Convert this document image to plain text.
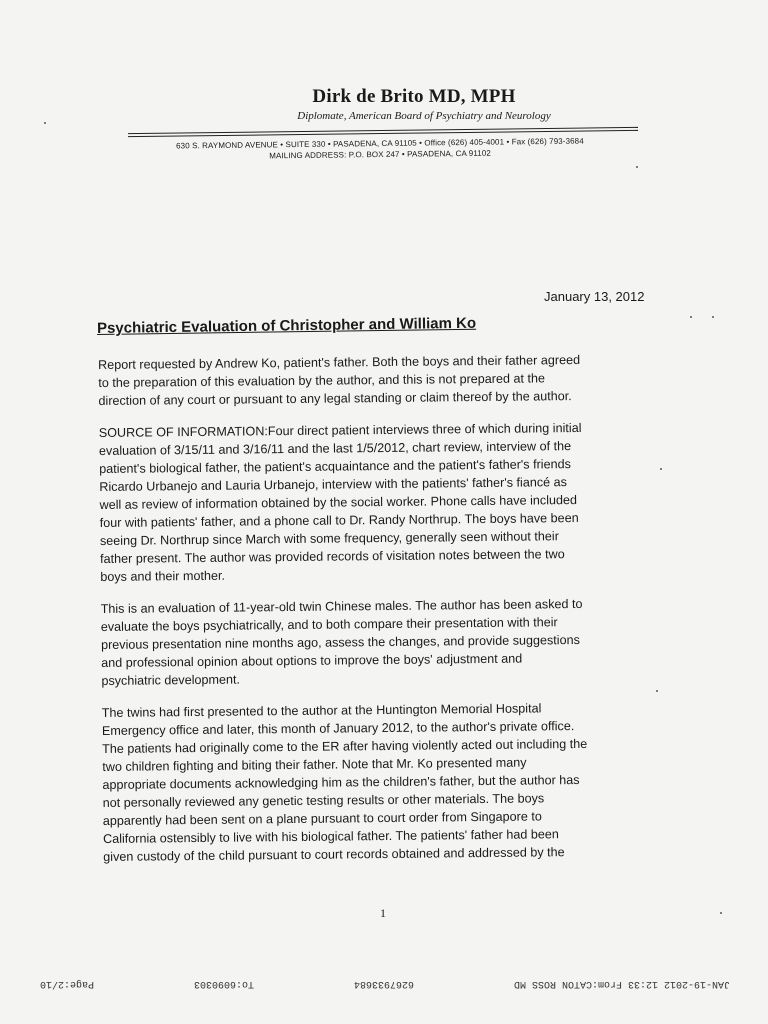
Dirk de Brito MD, MPH
Diplomate, American Board of Psychiatry and Neurology
630 S. RAYMOND AVENUE • SUITE 330 • PASADENA, CA 91105 • Office (626) 405-4001 • Fax (626) 793-3684
MAILING ADDRESS: P.O. BOX 247 • PASADENA, CA 91102
January 13, 2012
Psychiatric Evaluation of Christopher and William Ko

Report requested by Andrew Ko, patient's father. Both the boys and their father agreed
to the preparation of this evaluation by the author, and this is not prepared at the
direction of any court or pursuant to any legal standing or claim thereof by the author.

SOURCE OF INFORMATION:Four direct patient interviews three of which during initial
evaluation of 3/15/11 and 3/16/11 and the last 1/5/2012, chart review, interview of the
patient's biological father, the patient's acquaintance and the patient's father's friends
Ricardo Urbanejo and Lauria Urbanejo, interview with the patients' father's fiancé as
well as review of information obtained by the social worker. Phone calls have included
four with patients' father, and a phone call to Dr. Randy Northrup. The boys have been
seeing Dr. Northrup since March with some frequency, generally seen without their
father present. The author was provided records of visitation notes between the two
boys and their mother.

This is an evaluation of 11-year-old twin Chinese males. The author has been asked to
evaluate the boys psychiatrically, and to both compare their presentation with their
previous presentation nine months ago, assess the changes, and provide suggestions
and professional opinion about options to improve the boys' adjustment and
psychiatric development.

The twins had first presented to the author at the Huntington Memorial Hospital
Emergency office and later, this month of January 2012, to the author's private office.
The patients had originally come to the ER after having violently acted out including the
two children fighting and biting their father. Note that Mr. Ko presented many
appropriate documents acknowledging him as the children's father, but the author has
not personally reviewed any genetic testing results or other materials. The boys
apparently had been sent on a plane pursuant to court order from Singapore to
California ostensibly to live with his biological father. The patients' father had been
given custody of the child pursuant to court records obtained and addressed by the

1
JAN-19-2012 12:33 From:CATON ROSS MD
6267933684
To:6090303
Page:2/10
